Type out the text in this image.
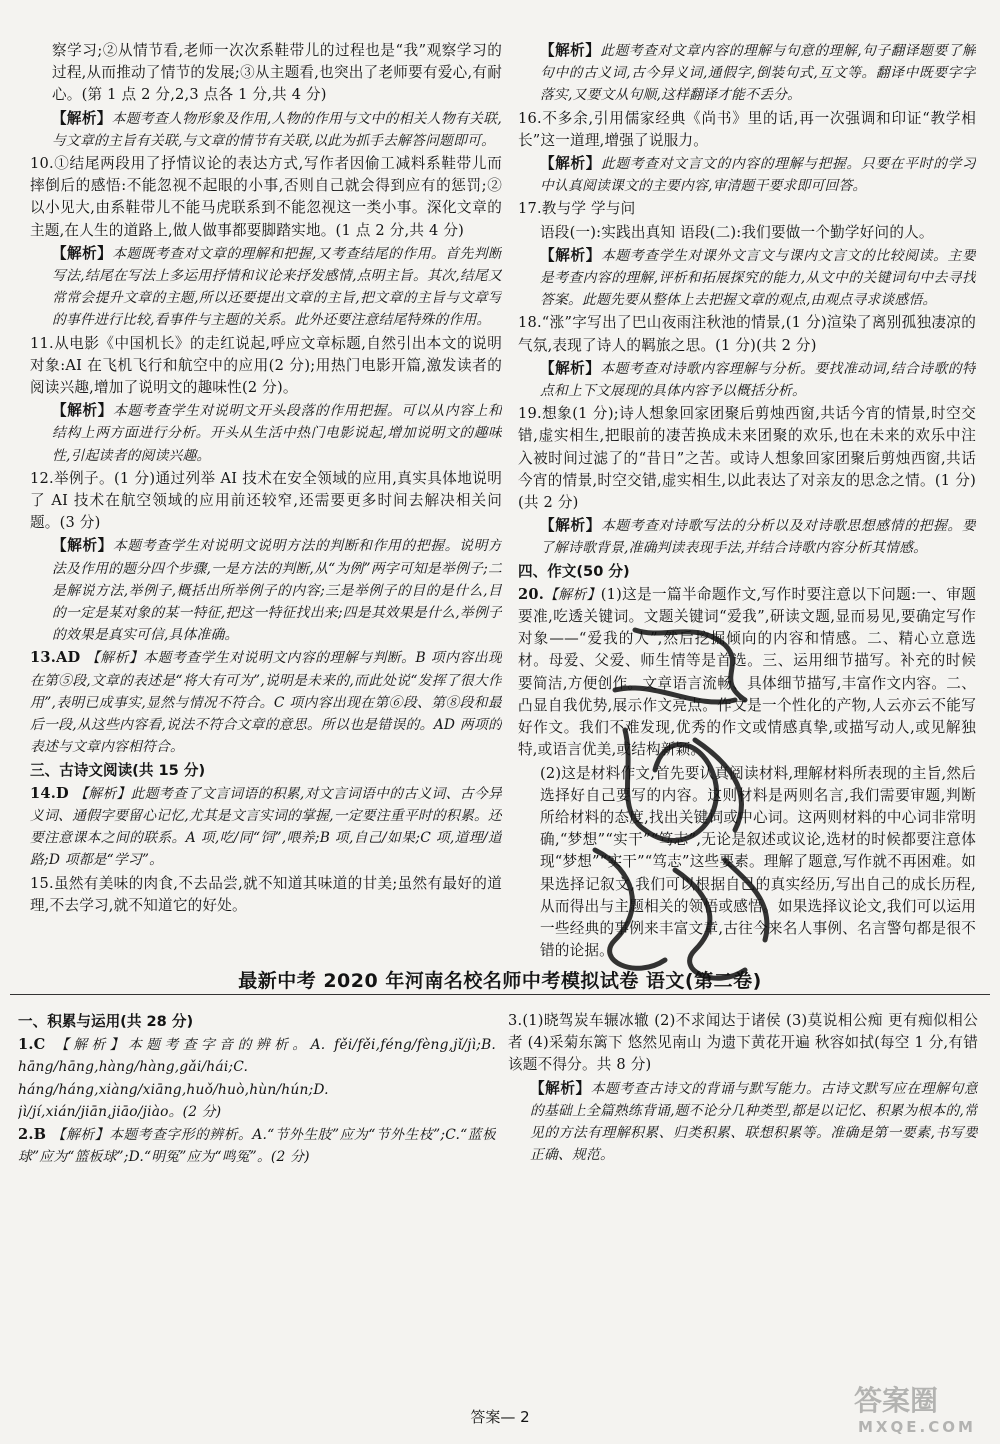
察学习;②从情节看,老师一次次系鞋带儿的过程也是“我”观察学习的过程,从而推动了情节的发展;③从主题看,也突出了老师要有爱心,有耐心。(第 1 点 2 分,2,3 点各 1 分,共 4 分)

【解析】本题考查人物形象及作用,人物的作用与文中的相关人物有关联,与文章的主旨有关联,与文章的情节有关联,以此为抓手去解答问题即可。

10.①结尾两段用了抒情议论的表达方式,写作者因偷工减料系鞋带儿而摔倒后的感悟:不能忽视不起眼的小事,否则自己就会得到应有的惩罚;②以小见大,由系鞋带儿不能马虎联系到不能忽视这一类小事。深化文章的主题,在人生的道路上,做人做事都要脚踏实地。(1 点 2 分,共 4 分)

【解析】本题既考查对文章的理解和把握,又考查结尾的作用。首先判断写法,结尾在写法上多运用抒情和议论来抒发感情,点明主旨。其次,结尾又常常会提升文章的主题,所以还要提出文章的主旨,把文章的主旨与文章写的事件进行比较,看事件与主题的关系。此外还要注意结尾特殊的作用。

11.从电影《中国机长》的走红说起,呼应文章标题,自然引出本文的说明对象:AI 在飞机飞行和航空中的应用(2 分);用热门电影开篇,激发读者的阅读兴趣,增加了说明文的趣味性(2 分)。

【解析】本题考查学生对说明文开头段落的作用把握。可以从内容上和结构上两方面进行分析。开头从生活中热门电影说起,增加说明文的趣味性,引起读者的阅读兴趣。

12.举例子。(1 分)通过列举 AI 技术在安全领域的应用,真实具体地说明了 AI 技术在航空领域的应用前还较窄,还需要更多时间去解决相关问题。(3 分)

【解析】本题考查学生对说明文说明方法的判断和作用的把握。说明方法及作用的题分四个步骤,一是方法的判断,从“为例”两字可知是举例子;二是解说方法,举例子,概括出所举例子的内容;三是举例子的目的是什么,目的一定是某对象的某一特征,把这一特征找出来;四是其效果是什么,举例子的效果是真实可信,具体准确。

13.AD 【解析】本题考查学生对说明文内容的理解与判断。B 项内容出现在第⑤段,文章的表述是“将大有可为”,说明是未来的,而此处说“发挥了很大作用”,表明已成事实,显然与情况不符合。C 项内容出现在第⑥段、第⑧段和最后一段,从这些内容看,说法不符合文章的意思。所以也是错误的。AD 两项的表述与文章内容相符合。

三、古诗文阅读(共 15 分)

14.D 【解析】此题考查了文言词语的积累,对文言词语中的古义词、古今异义词、通假字要留心记忆,尤其是文言实词的掌握,一定要注重平时的积累。还要注意课本之间的联系。A 项,吃/同“饲”,喂养;B 项,自己/如果;C 项,道理/道路;D 项都是“学习”。

15.虽然有美味的肉食,不去品尝,就不知道其味道的甘美;虽然有最好的道理,不去学习,就不知道它的好处。

【解析】此题考查对文章内容的理解与句意的理解,句子翻译题要了解句中的古义词,古今异义词,通假字,倒装句式,互文等。翻译中既要字字落实,又要文从句顺,这样翻译才能不丢分。

16.不多余,引用儒家经典《尚书》里的话,再一次强调和印证“教学相长”这一道理,增强了说服力。

【解析】此题考查对文言文的内容的理解与把握。只要在平时的学习中认真阅读课文的主要内容,审清题干要求即可回答。

17.教与学 学与问

语段(一):实践出真知 语段(二):我们要做一个勤学好问的人。

【解析】本题考查学生对课外文言文与课内文言文的比较阅读。主要是考查内容的理解,评析和拓展探究的能力,从文中的关键词句中去寻找答案。此题先要从整体上去把握文章的观点,由观点寻求谈感悟。

18.“涨”字写出了巴山夜雨注秋池的情景,(1 分)渲染了离别孤独凄凉的气氛,表现了诗人的羁旅之思。(1 分)(共 2 分)

【解析】本题考查对诗歌内容理解与分析。要找准动词,结合诗歌的特点和上下文展现的具体内容予以概括分析。

19.想象(1 分);诗人想象回家团聚后剪烛西窗,共话今宵的情景,时空交错,虚实相生,把眼前的凄苦换成未来团聚的欢乐,也在未来的欢乐中注入被时间过滤了的“昔日”之苦。或诗人想象回家团聚后剪烛西窗,共话今宵的情景,时空交错,虚实相生,以此表达了对亲友的思念之情。(1 分)(共 2 分)

【解析】本题考查对诗歌写法的分析以及对诗歌思想感情的把握。要了解诗歌背景,准确判读表现手法,并结合诗歌内容分析其情感。

四、作文(50 分)

20.【解析】(1)这是一篇半命题作文,写作时要注意以下问题:一、审题要准,吃透关键词。文题关键词“爱我”,研读文题,显而易见,要确定写作对象——“爱我的人”,然后挖掘倾向的内容和情感。二、精心立意选材。母爱、父爱、师生情等是首选。三、运用细节描写。补充的时候要简洁,方便创作。文章语言流畅、具体细节描写,丰富作文内容。二、凸显自我优势,展示作文亮点。作文是一个性化的产物,人云亦云不能写好作文。我们不难发现,优秀的作文或情感真挚,或描写动人,或见解独特,或语言优美,或结构新颖。

(2)这是材料作文,首先要认真阅读材料,理解材料所表现的主旨,然后选择好自己要写的内容。这则材料是两则名言,我们需要审题,判断所给材料的态度,找出关键词或中心词。这两则材料的中心词非常明确,“梦想”“实干”“笃志”,无论是叙述或议论,选材的时候都要注意体现“梦想”“实干”“笃志”这些要素。理解了题意,写作就不再困难。如果选择记叙文,我们可以根据自己的真实经历,写出自己的成长历程,从而得出与主题相关的领悟或感悟。如果选择议论文,我们可以运用一些经典的事例来丰富文章,古往今来名人事例、名言警句都是很不错的论据。

最新中考 2020 年河南名校名师中考模拟试卷 语文(第二卷)

一、积累与运用(共 28 分)

1.C 【解析】本题考查字音的辨析。A. fěi/fěi,féng/fèng,jǐ/jì;B. hāng/hāng,hàng/hàng,gǎi/hái;C. háng/háng,xiàng/xiāng,huǒ/huò,hùn/hún;D. jì/jí,xián/jiān,jiāo/jiào。(2 分)

2.B 【解析】本题考查字形的辨析。A.“节外生肢”应为“节外生枝”;C.“蓝板球”应为“篮板球”;D.“明冤”应为“鸣冤”。(2 分)

3.(1)晓驾炭车辗冰辙 (2)不求闻达于诸侯 (3)莫说相公痴 更有痴似相公者 (4)采菊东篱下 悠然见南山 为遗下黄花开遍 秋容如拭(每空 1 分,有错该题不得分。共 8 分)

【解析】本题考查古诗文的背诵与默写能力。古诗文默写应在理解句意的基础上全篇熟练背诵,题不论分几种类型,都是以记忆、积累为根本的,常见的方法有理解积累、归类积累、联想积累等。准确是第一要素,书写要正确、规范。

答案圈
MXQE.COM
答案— 2
